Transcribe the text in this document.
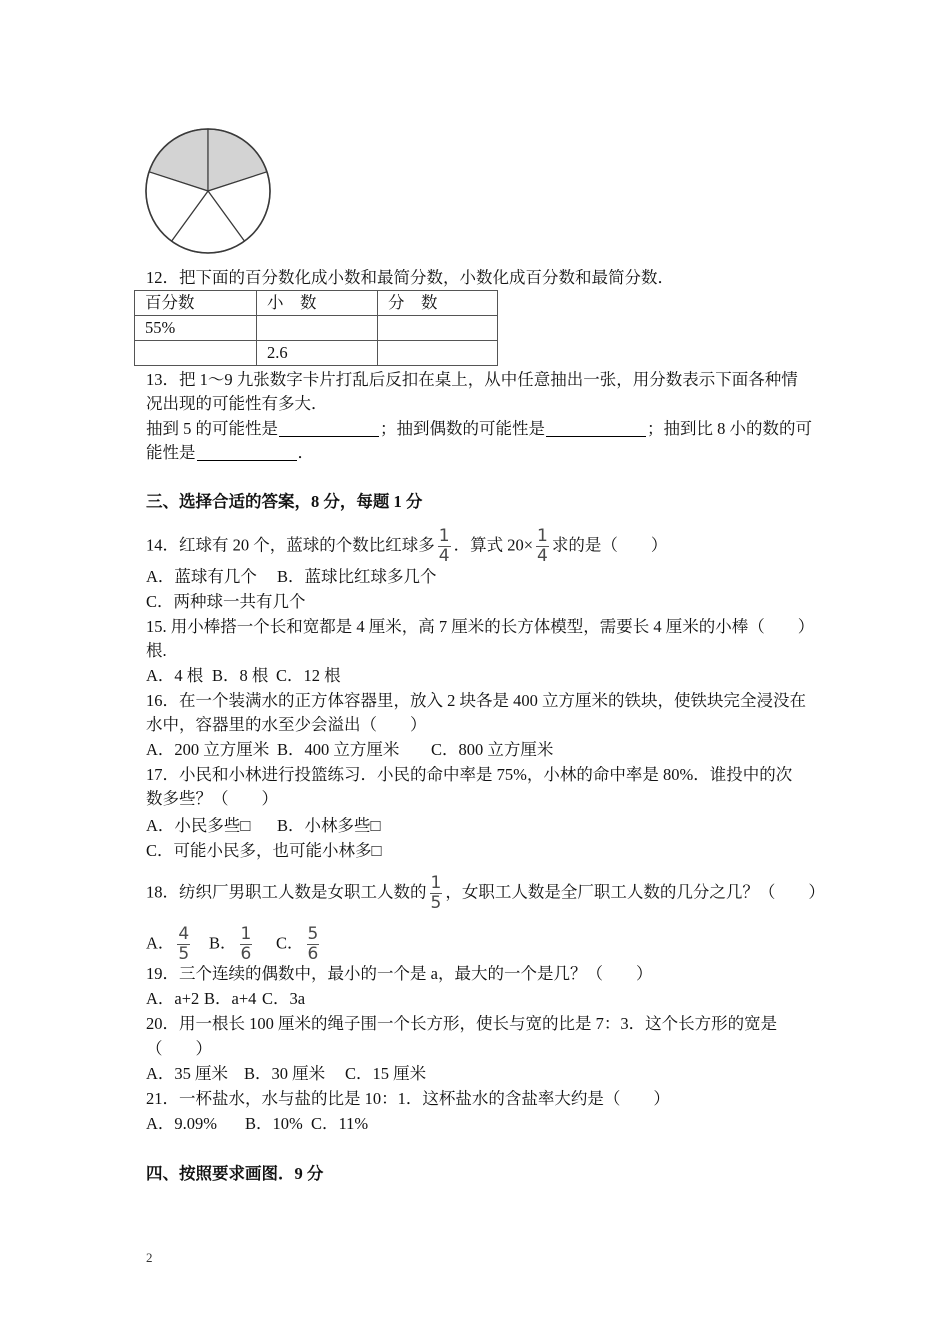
12．把下面的百分数化成小数和最简分数，小数化成百分数和最简分数．
百分数	小　数	分　数
55%		
	2.6	
13．把 1～9 九张数字卡片打乱后反扣在桌上，从中任意抽出一张，用分数表示下面各种情
况出现的可能性有多大．
抽到 5 的可能性是	；抽到偶数的可能性是	；抽到比 8 小的数的可
能性是	．
三、选择合适的答案，8 分，每题 1 分
14．红球有 20 个，蓝球的个数比红球多 $\frac{1}{4}$ ．算式 $20\times \frac{1}{4}$ 求的是（　　）
A．蓝球有几个 B．蓝球比红球多几个
C．两种球一共有几个
15. 用小棒搭一个长和宽都是 4 厘米，高 7 厘米的长方体模型，需要长 4 厘米的小棒（　　）
根.
A．4 根 B．8 根 C．12 根
16．在一个装满水的正方体容器里，放入 2 块各是 400 立方厘米的铁块，使铁块完全浸没在
水中，容器里的水至少会溢出（　　）
A．200 立方厘米 B．400 立方厘米 C．800 立方厘米
17．小民和小林进行投篮练习．小民的命中率是 75%，小林的命中率是 80%．谁投中的次
数多些？（　　）
A．小民多些□ B．小林多些□
C．可能小民多，也可能小林多□
18．纺织厂男职工人数是女职工人数的 $\frac{1}{5}$ ，女职工人数是全厂职工人数的几分之几？（　　）
A． $\frac{4}{5}$ B． $\frac{1}{6}$ C． $\frac{5}{6}$
19．三个连续的偶数中，最小的一个是 a，最大的一个是几？（　　）
A．a+2 B．a+4 C．3a
20．用一根长 100 厘米的绳子围一个长方形，使长与宽的比是 7：3．这个长方形的宽是
（　　）
A．35 厘米 B．30 厘米 C．15 厘米
21．一杯盐水，水与盐的比是 10：1．这杯盐水的含盐率大约是（　　）
A．9.09% B．10% C．11%
四、按照要求画图．9 分
2
